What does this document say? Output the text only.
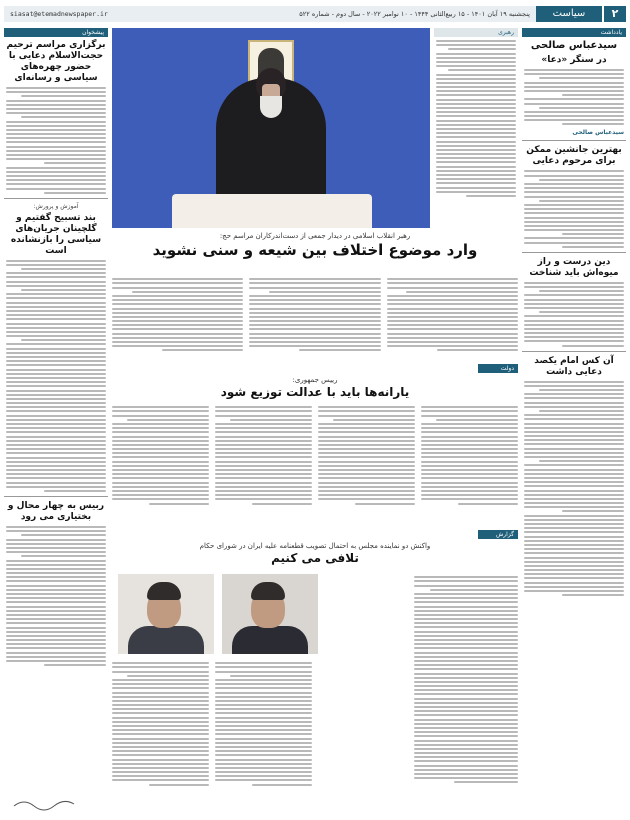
۲
سیاست
پنجشنبه ۱۹ آبان ۱۴۰۱ - ۱۵ ربیع‌الثانی ۱۴۴۴ - ۱۰ نوامبر ۲۰۲۲ - سال دوم - شماره ۵۲۲
siasat@etemadnewspaper.ir
یادداشت
سیدعباس صالحی
در سنگر «دعا»
سیدعباس صالحی
بهترین جانشین ممکن برای مرحوم دعایی
دین درست و راز میوه‌اش باید شناخت
آن کس امام یکصد دعایی داشت
پیشخوان
برگزاری مراسم ترحیم حجت‌الاسلام دعایی با حضور چهره‌های سیاسی و رسانه‌ای
آموزش و پرورش:
بند تسبیح گفتیم و گلچینان جریان‌های سیاسی را بازنشانده است
ربیس به چهار محال و بختیاری می رود
رهبری
رهبر انقلاب اسلامی در دیدار جمعی از دست‌اندرکاران مراسم حج:
وارد موضوع اختلاف بین شیعه و سنی نشوید
دولت
رییس جمهوری:
یارانه‌ها باید با عدالت توزیع شود
گزارش
واکنش دو نماینده مجلس به احتمال تصویب قطعنامه علیه ایران در شورای حکام
تلافی می کنیم
